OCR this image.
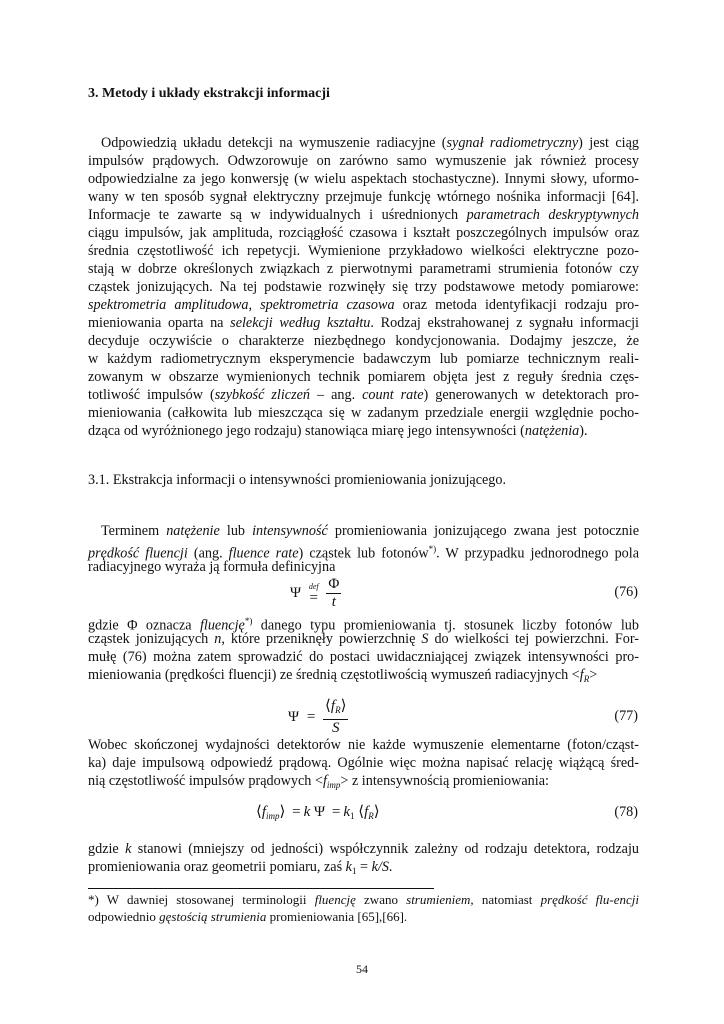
3. Metody i układy ekstrakcji informacji
Odpowiedzią układu detekcji na wymuszenie radiacyjne (sygnał radiometryczny) jest ciąg
impulsów prądowych. Odwzorowuje on zarówno samo wymuszenie jak również procesy
odpowiedzialne za jego konwersję (w wielu aspektach stochastyczne). Innymi słowy, uformo-
wany w ten sposób sygnał elektryczny przejmuje funkcję wtórnego nośnika informacji [64].
Informacje te zawarte są w indywidualnych i uśrednionych parametrach deskryptywnych
ciągu impulsów, jak amplituda, rozciągłość czasowa i kształt poszczególnych impulsów oraz
średnia częstotliwość ich repetycji. Wymienione przykładowo wielkości elektryczne pozo-
stają w dobrze określonych związkach z pierwotnymi parametrami strumienia fotonów czy
cząstek jonizujących. Na tej podstawie rozwinęły się trzy podstawowe metody pomiarowe:
spektrometria amplitudowa, spektrometria czasowa oraz metoda identyfikacji rodzaju pro-
mieniowania oparta na selekcji według kształtu. Rodzaj ekstrahowanej z sygnału informacji
decyduje oczywiście o charakterze niezbędnego kondycjonowania. Dodajmy jeszcze, że
w każdym radiometrycznym eksperymencie badawczym lub pomiarze technicznym reali-
zowanym w obszarze wymienionych technik pomiarem objęta jest z reguły średnia częs-
totliwość impulsów (szybkość zliczeń – ang. count rate) generowanych w detektorach pro-
mieniowania (całkowita lub mieszcząca się w zadanym przedziale energii względnie pocho-
dząca od wyróżnionego jego rodzaju) stanowiąca miarę jego intensywności (natężenia).
3.1. Ekstrakcja informacji o intensywności promieniowania jonizującego.
Terminem natężenie lub intensywność promieniowania jonizującego zwana jest potocznie
prędkość fluencji (ang. fluence rate) cząstek lub fotonów*). W przypadku jednorodnego pola
radiacyjnego wyraża ją formuła definicyjna
Ψ def
=
$\frac{\Phi}{t}$	(76)
gdzie Φ oznacza fluencję*) danego typu promieniowania tj. stosunek liczby fotonów lub
cząstek jonizujących n, które przeniknęły powierzchnię S do wielkości tej powierzchni. For-
mułę (76) można zatem sprowadzić do postaci uwidaczniającej związek intensywności pro-
mieniowania (prędkości fluencji) ze średnią częstotliwością wymuszeń radiacyjnych $<f_R>$
$\Psi = \frac{⟨f_R⟩}{S}$	(77)
Wobec skończonej wydajności detektorów nie każde wymuszenie elementarne (foton/cząst-
ka) daje impulsową odpowiedź prądową. Ogólnie więc można napisać relację wiążącą śred-
nią częstotliwość impulsów prądowych $<f_{imp}> z$ intensywnością promieniowania:
$⟨f_{imp}⟩ = k$ $\Psi = k_1$ $⟨f_R⟩$	(78)
gdzie k stanowi (mniejszy od jedności) współczynnik zależny od rodzaju detektora, rodzaju
promieniowania oraz geometrii pomiaru, zaś $k_1 = k/S$.
*) W dawniej stosowanej terminologii fluencję zwano strumieniem, natomiast prędkość flu-encji
odpowiednio gęstością strumienia promieniowania [65],[66].
54
